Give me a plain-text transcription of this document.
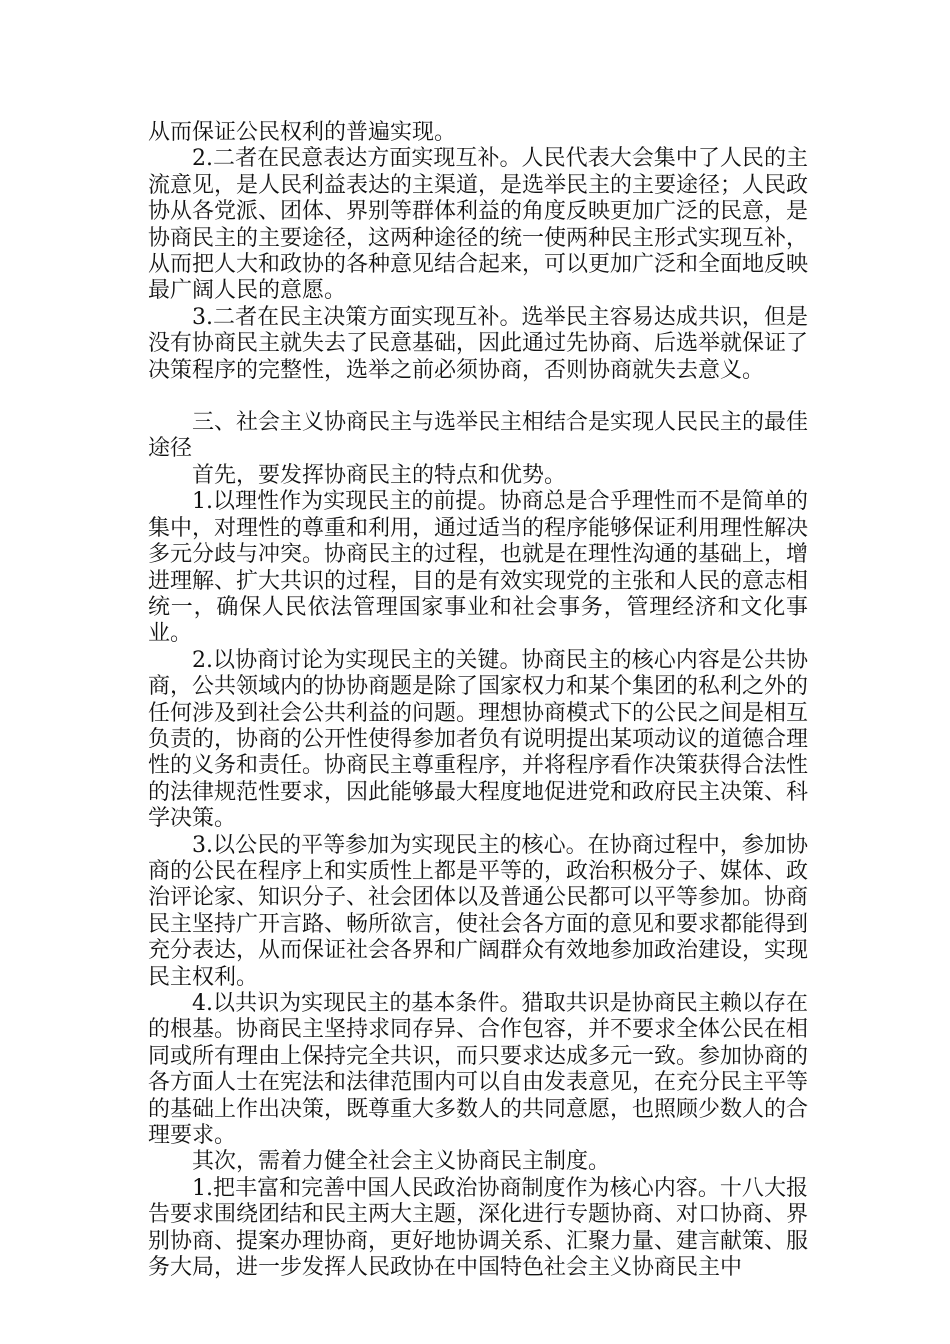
从而保证公民权利的普遍实现。

2.二者在民意表达方面实现互补。人民代表大会集中了人民的主流意见，是人民利益表达的主渠道，是选举民主的主要途径；人民政协从各党派、团体、界别等群体利益的角度反映更加广泛的民意，是协商民主的主要途径，这两种途径的统一使两种民主形式实现互补，从而把人大和政协的各种意见结合起来，可以更加广泛和全面地反映最广阔人民的意愿。

3.二者在民主决策方面实现互补。选举民主容易达成共识，但是没有协商民主就失去了民意基础，因此通过先协商、后选举就保证了决策程序的完整性，选举之前必须协商，否则协商就失去意义。

三、社会主义协商民主与选举民主相结合是实现人民民主的最佳途径

首先，要发挥协商民主的特点和优势。

1.以理性作为实现民主的前提。协商总是合乎理性而不是简单的集中，对理性的尊重和利用，通过适当的程序能够保证利用理性解决多元分歧与冲突。协商民主的过程，也就是在理性沟通的基础上，增进理解、扩大共识的过程，目的是有效实现党的主张和人民的意志相统一，确保人民依法管理国家事业和社会事务，管理经济和文化事业。

2.以协商讨论为实现民主的关键。协商民主的核心内容是公共协商，公共领域内的协协商题是除了国家权力和某个集团的私利之外的任何涉及到社会公共利益的问题。理想协商模式下的公民之间是相互负责的，协商的公开性使得参加者负有说明提出某项动议的道德合理性的义务和责任。协商民主尊重程序，并将程序看作决策获得合法性的法律规范性要求，因此能够最大程度地促进党和政府民主决策、科学决策。

3.以公民的平等参加为实现民主的核心。在协商过程中，参加协商的公民在程序上和实质性上都是平等的，政治积极分子、媒体、政治评论家、知识分子、社会团体以及普通公民都可以平等参加。协商民主坚持广开言路、畅所欲言，使社会各方面的意见和要求都能得到充分表达，从而保证社会各界和广阔群众有效地参加政治建设，实现民主权利。

4.以共识为实现民主的基本条件。猎取共识是协商民主赖以存在的根基。协商民主坚持求同存异、合作包容，并不要求全体公民在相同或所有理由上保持完全共识，而只要求达成多元一致。参加协商的各方面人士在宪法和法律范围内可以自由发表意见，在充分民主平等的基础上作出决策，既尊重大多数人的共同意愿，也照顾少数人的合理要求。

其次，需着力健全社会主义协商民主制度。

1.把丰富和完善中国人民政治协商制度作为核心内容。十八大报告要求围绕团结和民主两大主题，深化进行专题协商、对口协商、界别协商、提案办理协商，更好地协调关系、汇聚力量、建言献策、服务大局，进一步发挥人民政协在中国特色社会主义协商民主中
